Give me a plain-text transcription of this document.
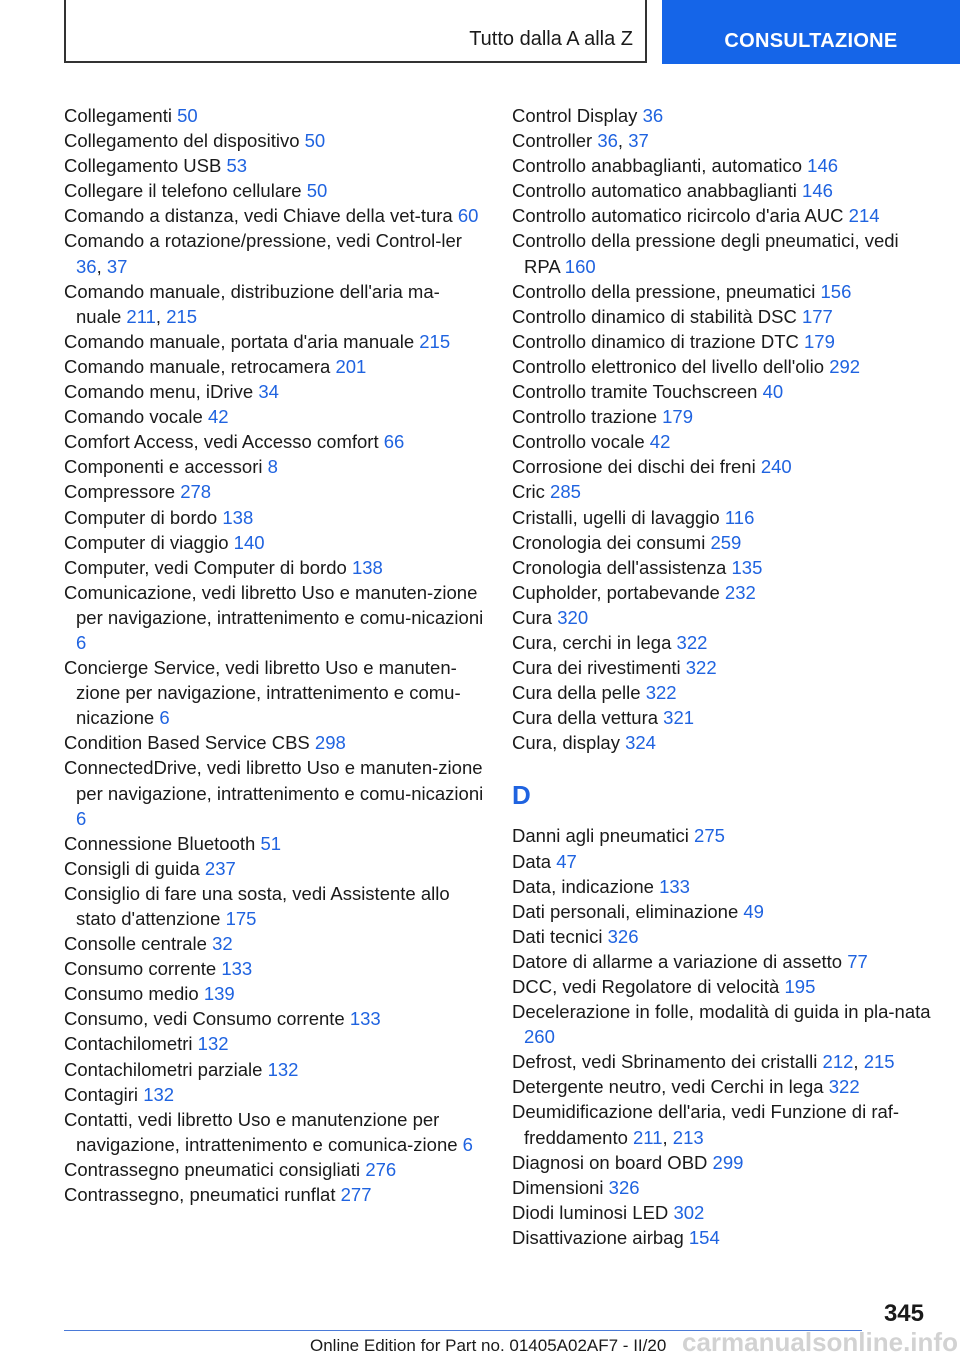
Tutto dalla A alla Z	CONSULTAZIONE

Collegamenti 50

Collegamento del dispositivo 50

Collegamento USB 53

Collegare il telefono cellulare 50

Comando a distanza, vedi Chiave della vet‐tura 60

Comando a rotazione/pressione, vedi Control‐ler 36, 37

Comando manuale, distribuzione dell'aria ma‐nuale 211, 215

Comando manuale, portata d'aria manuale 215

Comando manuale, retrocamera 201

Comando menu, iDrive 34

Comando vocale 42

Comfort Access, vedi Accesso comfort 66

Componenti e accessori 8

Compressore 278

Computer di bordo 138

Computer di viaggio 140

Computer, vedi Computer di bordo 138

Comunicazione, vedi libretto Uso e manuten‐zione per navigazione, intrattenimento e comu‐nicazioni 6

Concierge Service, vedi libretto Uso e manuten‐zione per navigazione, intrattenimento e comu‐nicazione 6

Condition Based Service CBS 298

ConnectedDrive, vedi libretto Uso e manuten‐zione per navigazione, intrattenimento e comu‐nicazioni 6

Connessione Bluetooth 51

Consigli di guida 237

Consiglio di fare una sosta, vedi Assistente allo stato d'attenzione 175

Consolle centrale 32

Consumo corrente 133

Consumo medio 139

Consumo, vedi Consumo corrente 133

Contachilometri 132

Contachilometri parziale 132

Contagiri 132

Contatti, vedi libretto Uso e manutenzione per navigazione, intrattenimento e comunica‐zione 6

Contrassegno pneumatici consigliati 276

Contrassegno, pneumatici runflat 277

Control Display 36

Controller 36, 37

Controllo anabbaglianti, automatico 146

Controllo automatico anabbaglianti 146

Controllo automatico ricircolo d'aria AUC 214

Controllo della pressione degli pneumatici, vedi RPA 160

Controllo della pressione, pneumatici 156

Controllo dinamico di stabilità DSC 177

Controllo dinamico di trazione DTC 179

Controllo elettronico del livello dell'olio 292

Controllo tramite Touchscreen 40

Controllo trazione 179

Controllo vocale 42

Corrosione dei dischi dei freni 240

Cric 285

Cristalli, ugelli di lavaggio 116

Cronologia dei consumi 259

Cronologia dell'assistenza 135

Cupholder, portabevande 232

Cura 320

Cura, cerchi in lega 322

Cura dei rivestimenti 322

Cura della pelle 322

Cura della vettura 321

Cura, display 324

D

Danni agli pneumatici 275

Data 47

Data, indicazione 133

Dati personali, eliminazione 49

Dati tecnici 326

Datore di allarme a variazione di assetto 77

DCC, vedi Regolatore di velocità 195

Decelerazione in folle, modalità di guida in pla‐nata 260

Defrost, vedi Sbrinamento dei cristalli 212, 215

Detergente neutro, vedi Cerchi in lega 322

Deumidificazione dell'aria, vedi Funzione di raf‐freddamento 211, 213

Diagnosi on board OBD 299

Dimensioni 326

Diodi luminosi LED 302

Disattivazione airbag 154

345
Online Edition for Part no. 01405A02AF7 - II/20 carmanualsonline.info
